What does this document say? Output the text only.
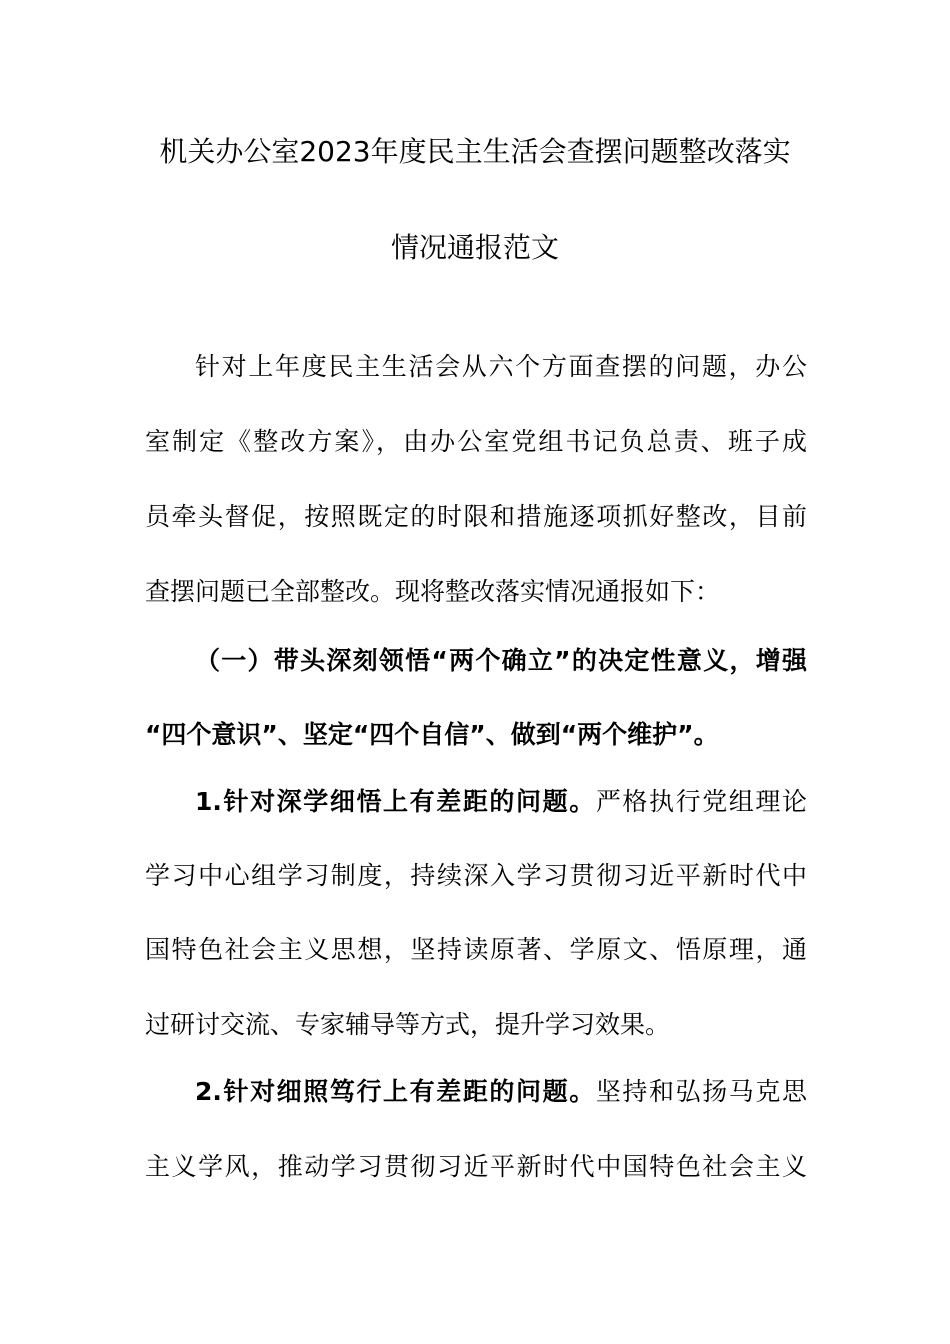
机关办公室2023年度民主生活会查摆问题整改落实
情况通报范文
针对上年度民主生活会从六个方面查摆的问题，办公
室制定《整改方案》，由办公室党组书记负总责、班子成
员牵头督促，按照既定的时限和措施逐项抓好整改，目前
查摆问题已全部整改。现将整改落实情况通报如下：
（一）带头深刻领悟“两个确立”的决定性意义，增强
“四个意识”、坚定“四个自信”、做到“两个维护”。
1.针对深学细悟上有差距的问题。严格执行党组理论
学习中心组学习制度，持续深入学习贯彻习近平新时代中
国特色社会主义思想，坚持读原著、学原文、悟原理，通
过研讨交流、专家辅导等方式，提升学习效果。
2.针对细照笃行上有差距的问题。坚持和弘扬马克思
主义学风，推动学习贯彻习近平新时代中国特色社会主义
